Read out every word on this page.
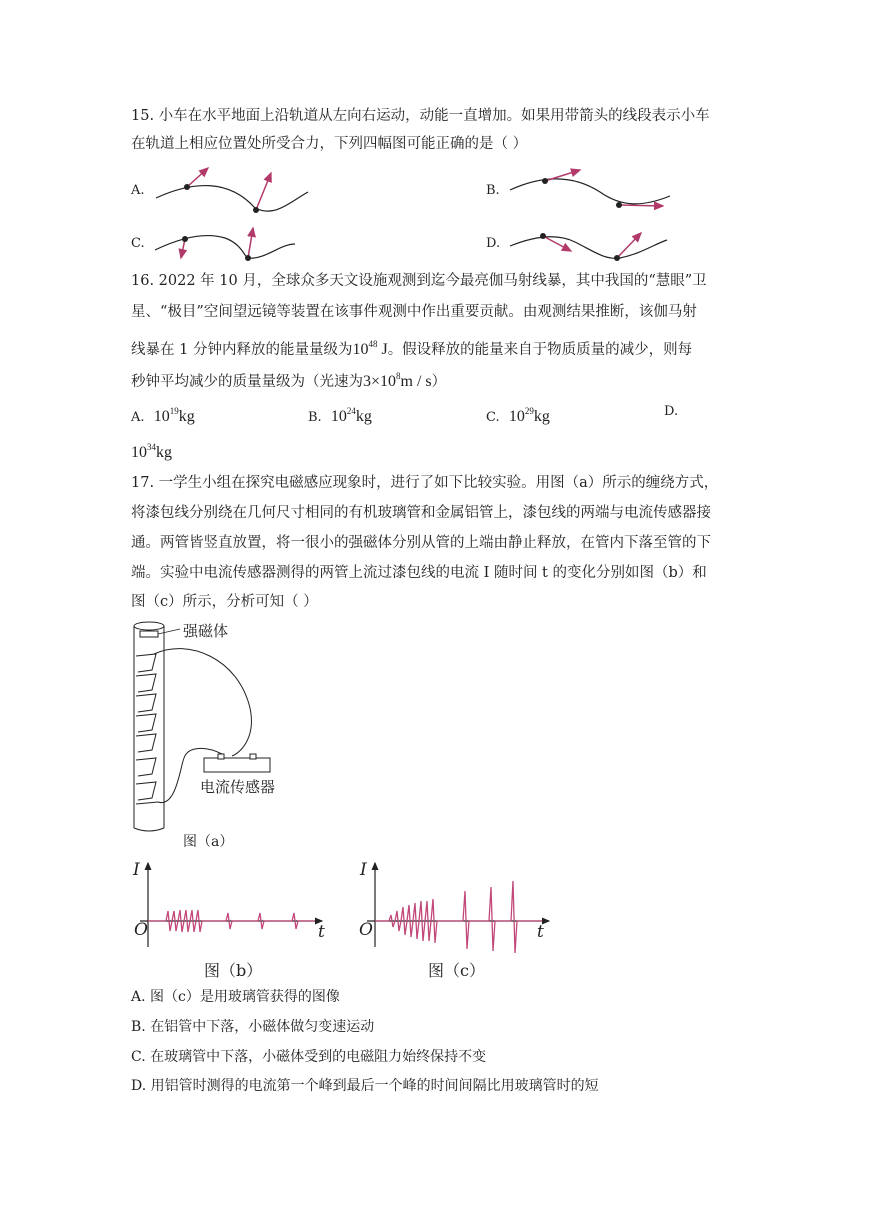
15. 小车在水平地面上沿轨道从左向右运动，动能一直增加。如果用带箭头的线段表示小车
在轨道上相应位置处所受合力，下列四幅图可能正确的是（ ）
A.	B.
C.	D.
16. 2022 年 10 月，全球众多天文设施观测到迄今最亮伽马射线暴，其中我国的“慧眼”卫
星、“极目”空间望远镜等装置在该事件观测中作出重要贡献。由观测结果推断，该伽马射
线暴在 1 分钟内释放的能量量级为$10^{48}$ J。假设释放的能量来自于物质质量的减少，则每
秒钟平均减少的质量量级为（光速为$3\times 10^8m / s$）
A. $10^{19}kg$	B. $10^{24}kg$	C. $10^{29}kg$	D.
$10^{34}kg$
17. 一学生小组在探究电磁感应现象时，进行了如下比较实验。用图（a）所示的缠绕方式，
将漆包线分别绕在几何尺寸相同的有机玻璃管和金属铝管上，漆包线的两端与电流传感器接
通。两管皆竖直放置，将一很小的强磁体分别从管的上端由静止释放，在管内下落至管的下
端。实验中电流传感器测得的两管上流过漆包线的电流 I 随时间 t 的变化分别如图（b）和
图（c）所示，分析可知（ ）
强磁体
电流传感器
图（a）
I
O	t
图（b）
I
O	t
图（c）
A. 图（c）是用玻璃管获得的图像
B. 在铝管中下落，小磁体做匀变速运动
C. 在玻璃管中下落，小磁体受到的电磁阻力始终保持不变
D. 用铝管时测得的电流第一个峰到最后一个峰的时间间隔比用玻璃管时的短
